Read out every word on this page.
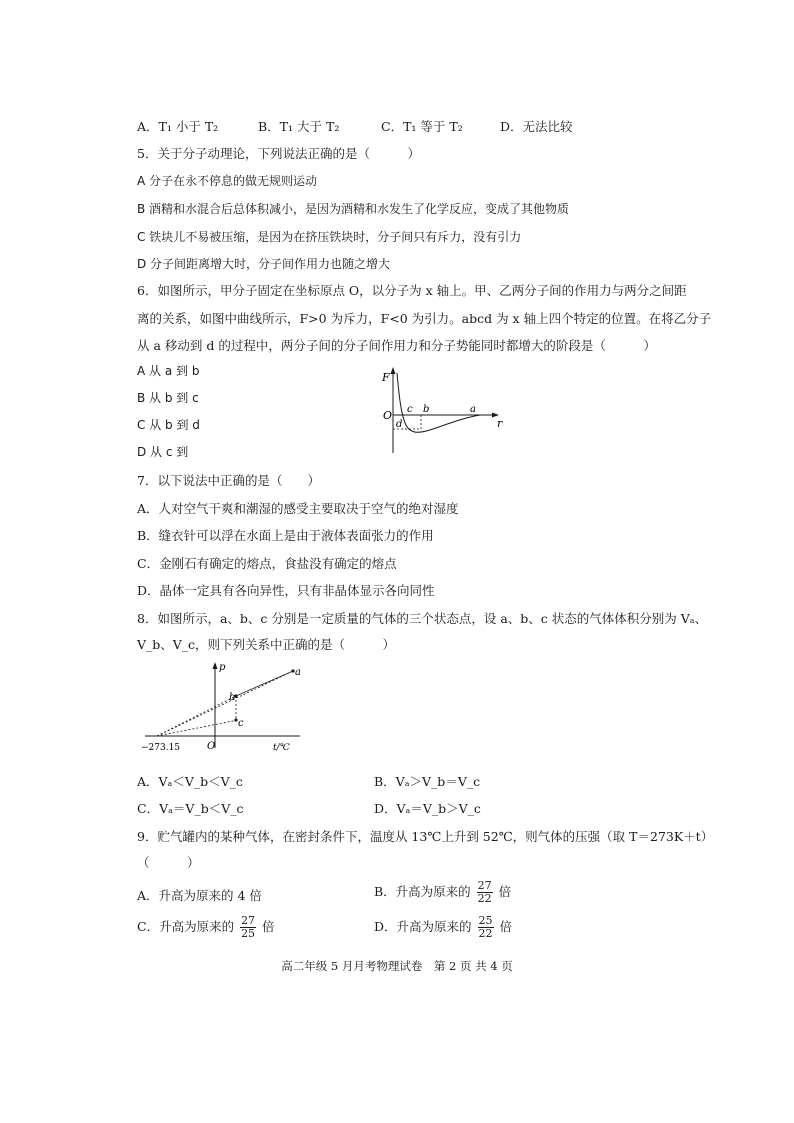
A．T₁ 小于 T₂	B．T₁ 大于 T₂	C．T₁ 等于 T₂	D．无法比较
5．关于分子动理论，下列说法正确的是（　　　）
A 分子在永不停息的做无规则运动
B 酒精和水混合后总体积减小，是因为酒精和水发生了化学反应，变成了其他物质
C 铁块儿不易被压缩，是因为在挤压铁块时，分子间只有斥力，没有引力
D 分子间距离增大时，分子间作用力也随之增大
6．如图所示，甲分子固定在坐标原点 O，以分子为 x 轴上。甲、乙两分子间的作用力与两分之间距
离的关系，如图中曲线所示，F>0 为斥力，F<0 为引力。abcd 为 x 轴上四个特定的位置。在将乙分子
从 a 移动到 d 的过程中，两分子间的分子间作用力和分子势能同时都增大的阶段是（　　　）
A 从 a 到 b
B 从 b 到 c
C 从 b 到 d
D 从 c 到
F
r
O c b	a
d
7．以下说法中正确的是（　　）
A．人对空气干爽和潮湿的感受主要取决于空气的绝对湿度
B．缝衣针可以浮在水面上是由于液体表面张力的作用
C．金刚石有确定的熔点，食盐没有确定的熔点
D．晶体一定具有各向异性，只有非晶体显示各向同性
8．如图所示，a、b、c 分别是一定质量的气体的三个状态点，设 a、b、c 状态的气体体积分别为 Vₐ、
V_b、V_c，则下列关系中正确的是（　　　）
p
t/℃
O
−273.15
a
b
c
A．Vₐ＜V_b＜V_c	B．Vₐ＞V_b＝V_c
C．Vₐ＝V_b＜V_c	D．Vₐ＝V_b＞V_c
9．贮气罐内的某种气体，在密封条件下，温度从 13℃上升到 52℃，则气体的压强（取 T＝273K＋t）
（　　　）
A．升高为原来的 4 倍	B．升高为原来的 $\frac{27}{22}$ 倍
C．升高为原来的 $\frac{27}{25}$ 倍	D．升高为原来的 $\frac{25}{22}$ 倍
高二年级 5 月月考物理试卷　第 2 页 共 4 页
